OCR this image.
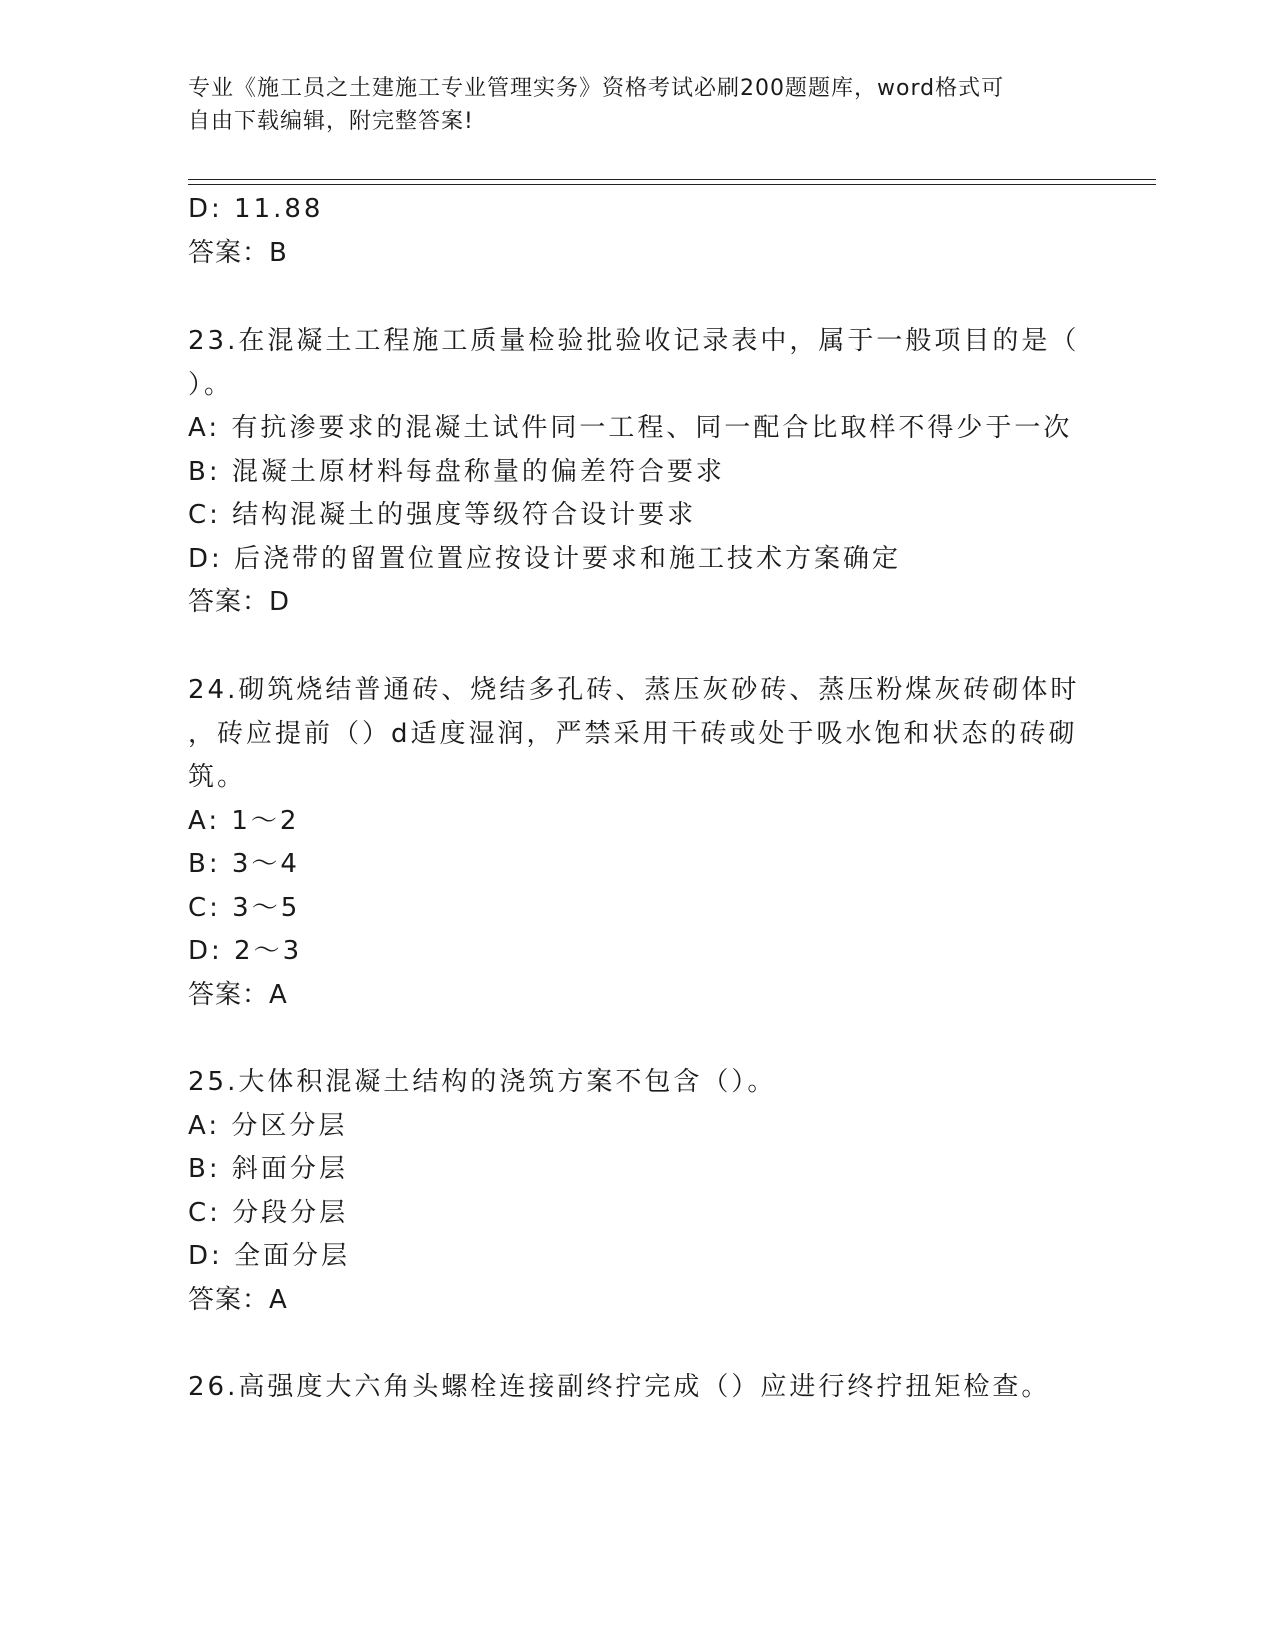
专业《施工员之土建施工专业管理实务》资格考试必刷200题题库，word格式可
自由下载编辑，附完整答案!
D: 11.88
答案：B
23.在混凝土工程施工质量检验批验收记录表中，属于一般项目的是（
）。
A: 有抗渗要求的混凝土试件同一工程、同一配合比取样不得少于一次
B: 混凝土原材料每盘称量的偏差符合要求
C: 结构混凝土的强度等级符合设计要求
D: 后浇带的留置位置应按设计要求和施工技术方案确定
答案：D
24.砌筑烧结普通砖、烧结多孔砖、蒸压灰砂砖、蒸压粉煤灰砖砌体时
，砖应提前（）d适度湿润，严禁采用干砖或处于吸水饱和状态的砖砌
筑。
A: 1～2
B: 3～4
C: 3～5
D: 2～3
答案：A
25.大体积混凝土结构的浇筑方案不包含（）。
A: 分区分层
B: 斜面分层
C: 分段分层
D: 全面分层
答案：A
26.高强度大六角头螺栓连接副终拧完成（）应进行终拧扭矩检查。
